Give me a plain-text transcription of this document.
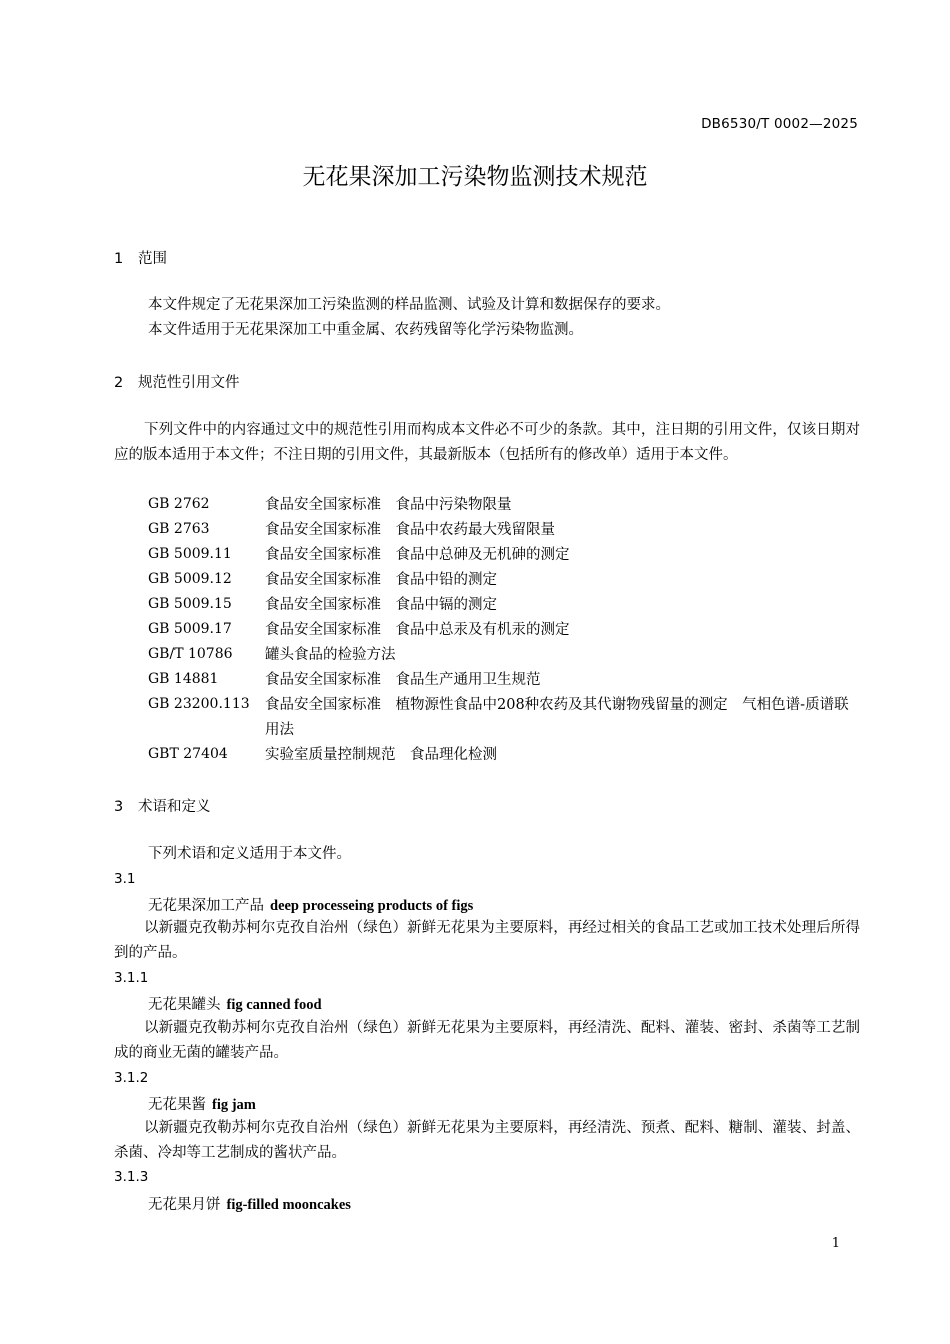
DB6530/T 0002—2025
无花果深加工污染物监测技术规范
1 范围
本文件规定了无花果深加工污染监测的样品监测、试验及计算和数据保存的要求。
本文件适用于无花果深加工中重金属、农药残留等化学污染物监测。
2 规范性引用文件
下列文件中的内容通过文中的规范性引用而构成本文件必不可少的条款。其中，注日期的引用文件，仅该日期对应的版本适用于本文件；不注日期的引用文件，其最新版本（包括所有的修改单）适用于本文件。
GB 2762	食品安全国家标准　食品中污染物限量
GB 2763	食品安全国家标准　食品中农药最大残留限量
GB 5009.11 食品安全国家标准　食品中总砷及无机砷的测定
GB 5009.12 食品安全国家标准　食品中铅的测定
GB 5009.15 食品安全国家标准　食品中镉的测定
GB 5009.17 食品安全国家标准　食品中总汞及有机汞的测定
GB/T 10786 罐头食品的检验方法
GB 14881	食品安全国家标准　食品生产通用卫生规范
GB 23200.113 食品安全国家标准　植物源性食品中208种农药及其代谢物残留量的测定　气相色谱-质谱联用法
GBT 27404	实验室质量控制规范　食品理化检测
3 术语和定义
下列术语和定义适用于本文件。
3.1
无花果深加工产品 deep processeing products of figs
以新疆克孜勒苏柯尔克孜自治州（绿色）新鲜无花果为主要原料，再经过相关的食品工艺或加工技术处理后所得到的产品。
3.1.1
无花果罐头 fig canned food
以新疆克孜勒苏柯尔克孜自治州（绿色）新鲜无花果为主要原料，再经清洗、配料、灌装、密封、杀菌等工艺制成的商业无菌的罐装产品。
3.1.2
无花果酱 fig jam
以新疆克孜勒苏柯尔克孜自治州（绿色）新鲜无花果为主要原料，再经清洗、预煮、配料、糖制、灌装、封盖、杀菌、冷却等工艺制成的酱状产品。
3.1.3
无花果月饼 fig-filled mooncakes
1
